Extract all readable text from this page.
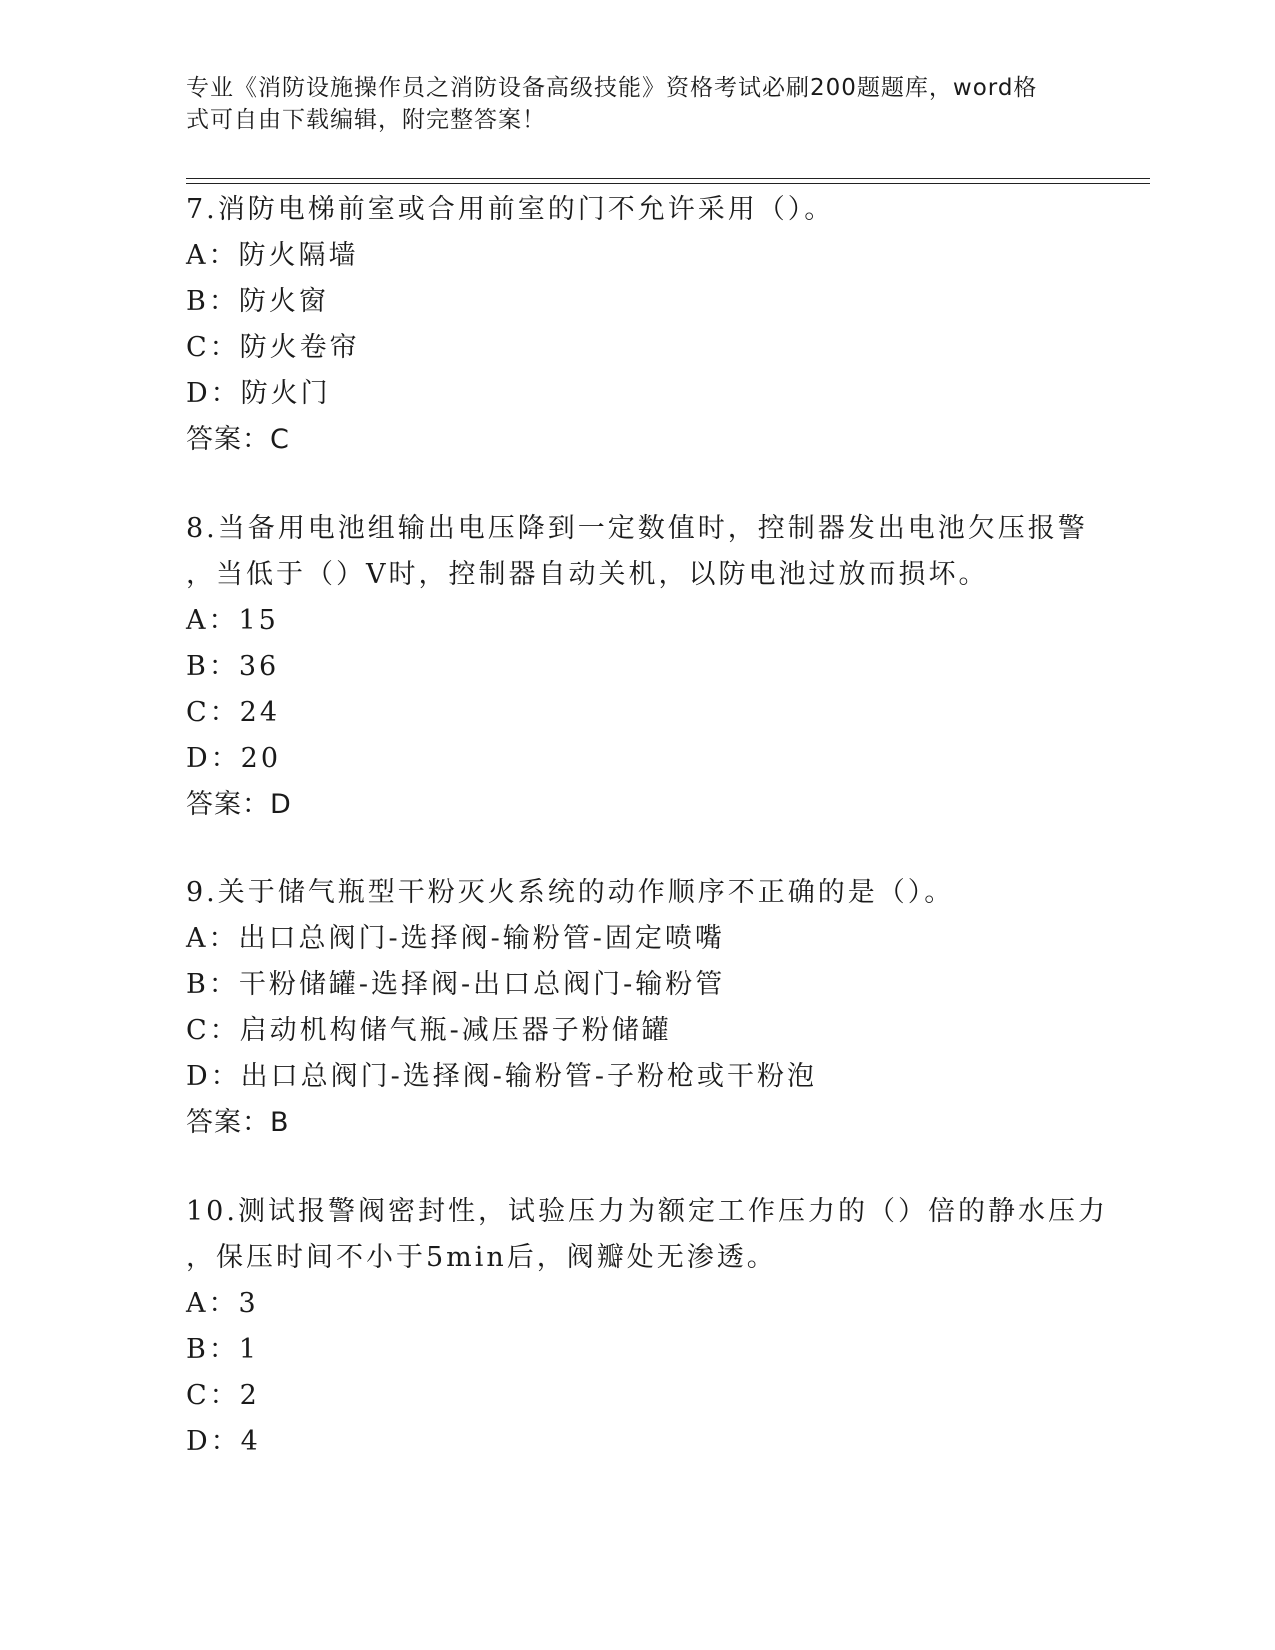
专业《消防设施操作员之消防设备高级技能》资格考试必刷200题题库，word格
式可自由下载编辑，附完整答案！
7.消防电梯前室或合用前室的门不允许采用（）。
A：防火隔墙
B：防火窗
C：防火卷帘
D：防火门
答案：C
8.当备用电池组输出电压降到一定数值时，控制器发出电池欠压报警
，当低于（）V时，控制器自动关机，以防电池过放而损坏。
A：15
B：36
C：24
D：20
答案：D
9.关于储气瓶型干粉灭火系统的动作顺序不正确的是（）。
A：出口总阀门-选择阀-输粉管-固定喷嘴
B：干粉储罐-选择阀-出口总阀门-输粉管
C：启动机构储气瓶-减压器子粉储罐
D：出口总阀门-选择阀-输粉管-子粉枪或干粉泡
答案：B
10.测试报警阀密封性，试验压力为额定工作压力的（）倍的静水压力
，保压时间不小于5min后，阀瓣处无渗透。
A：3
B：1
C：2
D：4
